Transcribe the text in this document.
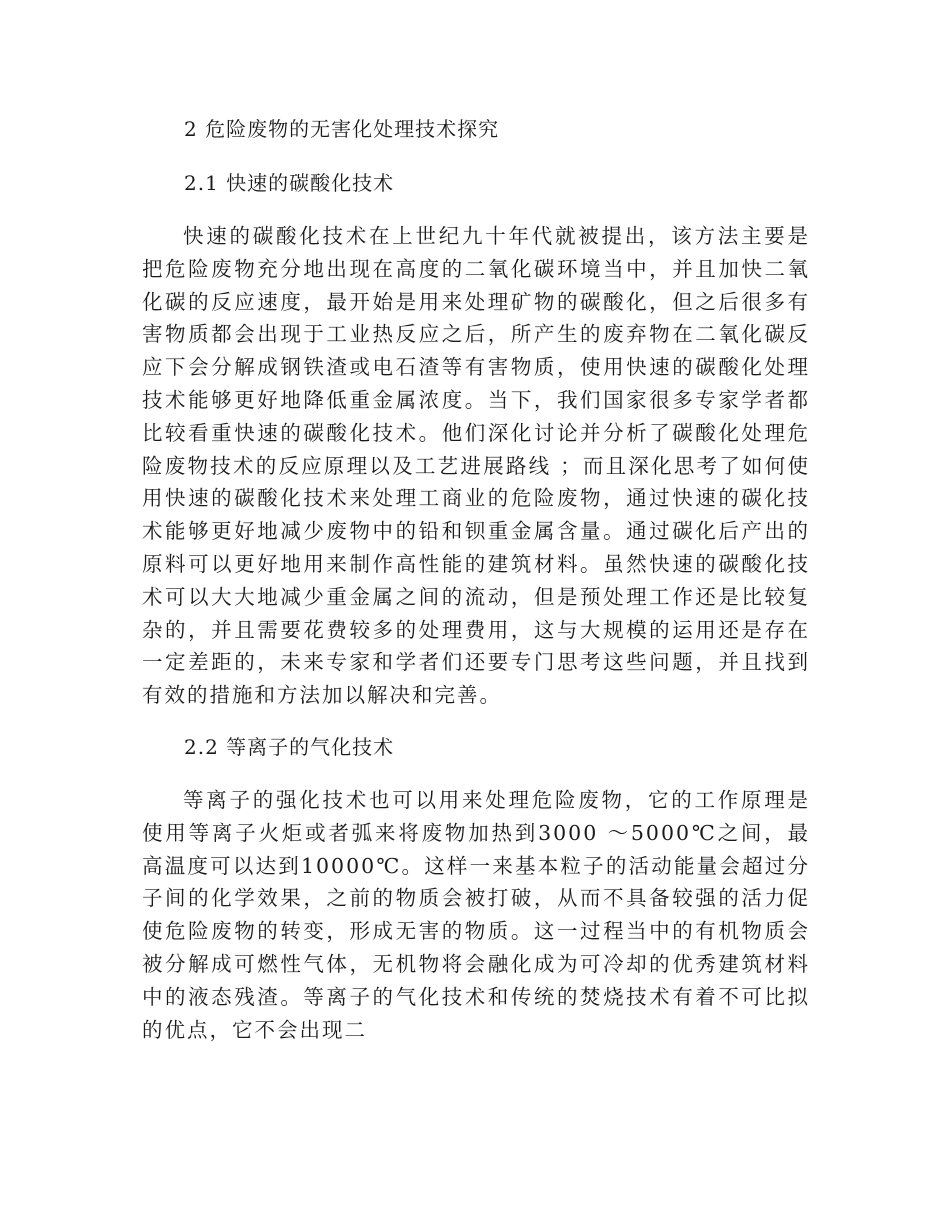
2 危险废物的无害化处理技术探究
2.1 快速的碳酸化技术

快速的碳酸化技术在上世纪九十年代就被提出，该方法主要是把危险废物充分地出现在高度的二氧化碳环境当中，并且加快二氧化碳的反应速度，最开始是用来处理矿物的碳酸化，但之后很多有害物质都会出现于工业热反应之后，所产生的废弃物在二氧化碳反应下会分解成钢铁渣或电石渣等有害物质，使用快速的碳酸化处理技术能够更好地降低重金属浓度。当下，我们国家很多专家学者都比较看重快速的碳酸化技术。他们深化讨论并分析了碳酸化处理危险废物技术的反应原理以及工艺进展路线 ；而且深化思考了如何使用快速的碳酸化技术来处理工商业的危险废物，通过快速的碳化技术能够更好地减少废物中的铅和钡重金属含量。通过碳化后产出的原料可以更好地用来制作高性能的建筑材料。虽然快速的碳酸化技术可以大大地减少重金属之间的流动，但是预处理工作还是比较复杂的，并且需要花费较多的处理费用，这与大规模的运用还是存在一定差距的，未来专家和学者们还要专门思考这些问题，并且找到有效的措施和方法加以解决和完善。

2.2 等离子的气化技术

等离子的强化技术也可以用来处理危险废物，它的工作原理是使用等离子火炬或者弧来将废物加热到3000 ～5000℃之间，最高温度可以达到10000℃。这样一来基本粒子的活动能量会超过分子间的化学效果，之前的物质会被打破，从而不具备较强的活力促使危险废物的转变，形成无害的物质。这一过程当中的有机物质会被分解成可燃性气体，无机物将会融化成为可冷却的优秀建筑材料中的液态残渣。等离子的气化技术和传统的焚烧技术有着不可比拟的优点，它不会出现二
